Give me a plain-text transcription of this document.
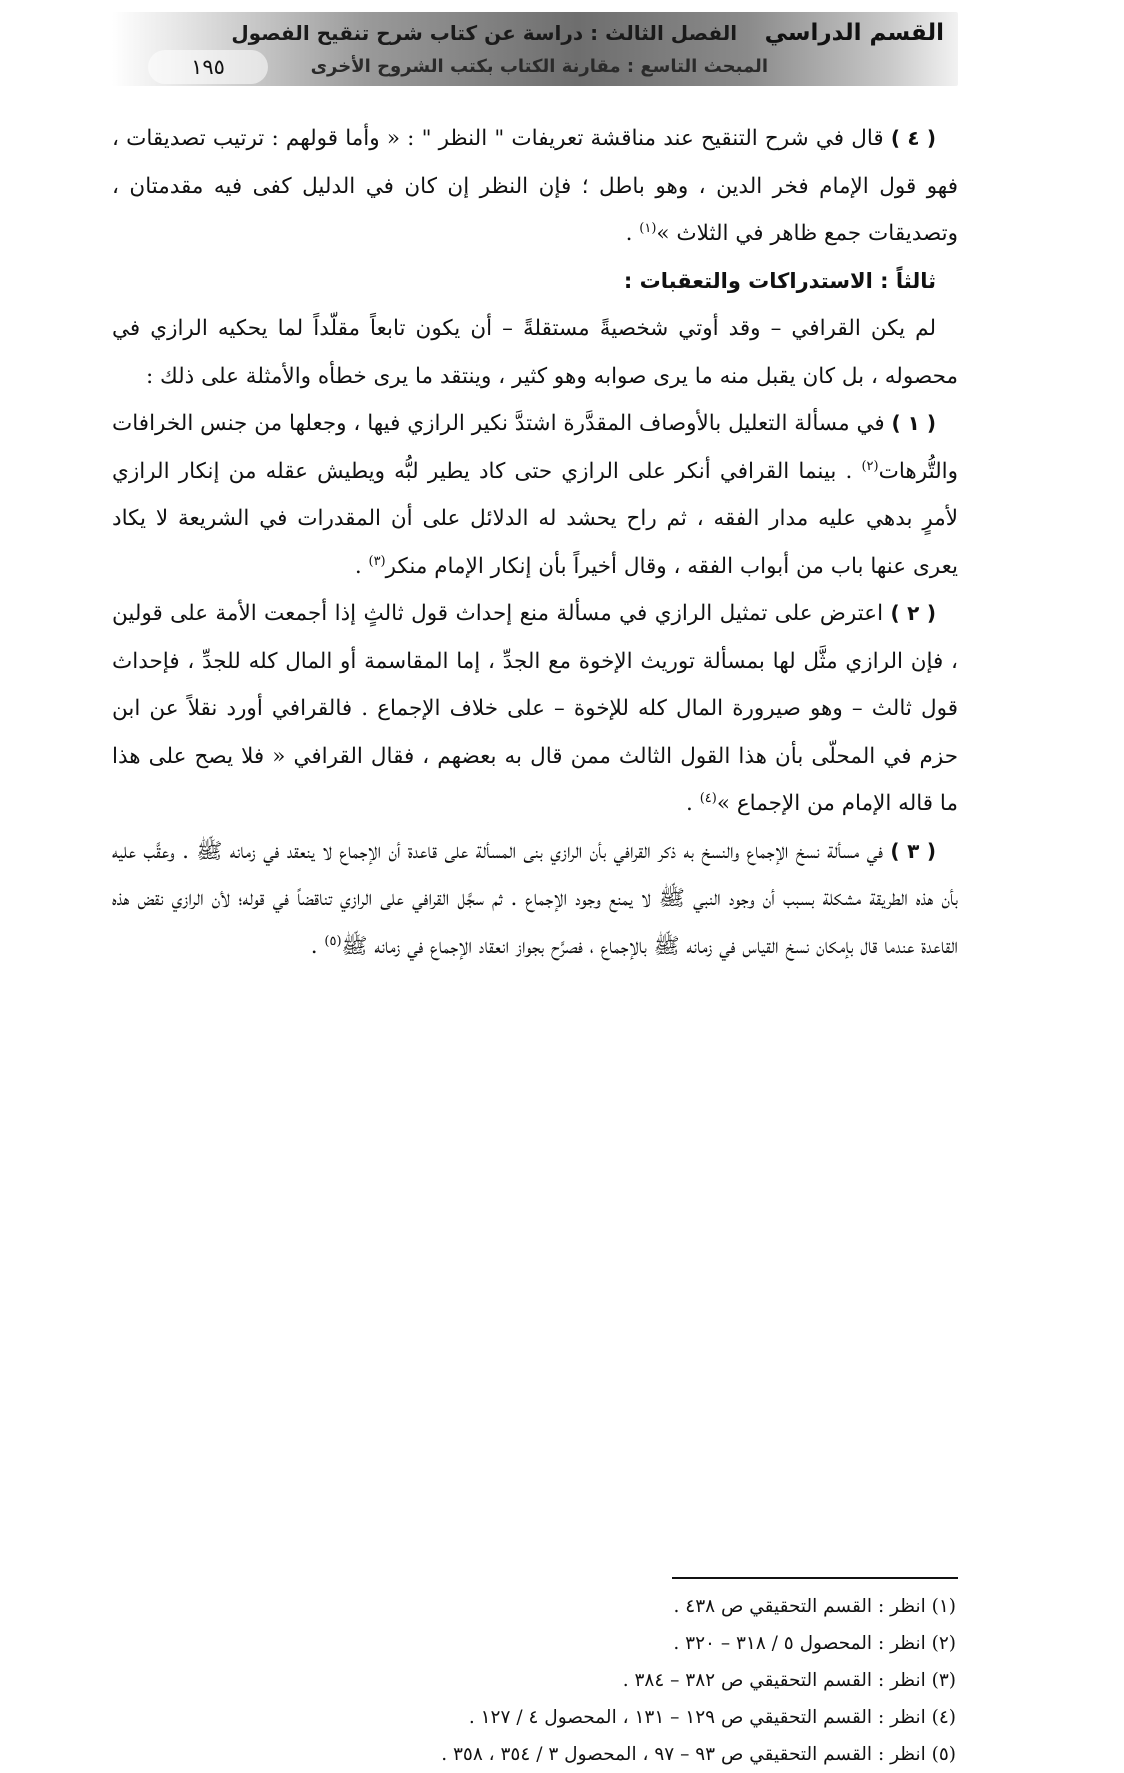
القسم الدراسي الفصل الثالث : دراسة عن كتاب شرح تنقيح الفصول
المبحث التاسع : مقارنة الكتاب بكتب الشروح الأخرى
١٩٥

( ٤ ) قال في شرح التنقيح عند مناقشة تعريفات " النظر " : « وأما قولهم : ترتيب تصديقات ، فهو قول الإمام فخر الدين ، وهو باطل ؛ فإن النظر إن كان في الدليل كفى فيه مقدمتان ، وتصديقات جمع ظاهر في الثلاث »$^{(١)}$ .

ثالثاً : الاستدراكات والتعقبات :

لم يكن القرافي – وقد أوتي شخصيةً مستقلةً – أن يكون تابعاً مقلّداً لما يحكيه الرازي في محصوله ، بل كان يقبل منه ما يرى صوابه وهو كثير ، وينتقد ما يرى خطأه والأمثلة على ذلك :

( ١ ) في مسألة التعليل بالأوصاف المقدَّرة اشتدَّ نكير الرازي فيها ، وجعلها من جنس الخرافات والتُّرهات$^{(٢)}$ . بينما القرافي أنكر على الرازي حتى كاد يطير لبُّه ويطيش عقله من إنكار الرازي لأمرٍ بدهي عليه مدار الفقه ، ثم راح يحشد له الدلائل على أن المقدرات في الشريعة لا يكاد يعرى عنها باب من أبواب الفقه ، وقال أخيراً بأن إنكار الإمام منكر$^{(٣)}$ .

( ٢ ) اعترض على تمثيل الرازي في مسألة منع إحداث قول ثالثٍ إذا أجمعت الأمة على قولين ، فإن الرازي مثَّل لها بمسألة توريث الإخوة مع الجدِّ ، إما المقاسمة أو المال كله للجدِّ ، فإحداث قول ثالث – وهو صيرورة المال كله للإخوة – على خلاف الإجماع . فالقرافي أورد نقلاً عن ابن حزم في المحلّى بأن هذا القول الثالث ممن قال به بعضهم ، فقال القرافي « فلا يصح على هذا ما قاله الإمام من الإجماع »$^{(٤)}$ .

( ٣ ) في مسألة نسخ الإجماع والنسخ به ذكر القرافي بأن الرازي بنى المسألة على قاعدة أن الإجماع لا ينعقد في زمانه ﷺ . وعقَّب عليه بأن هذه الطريقة مشكلة بسبب أن وجود النبي ﷺ لا يمنع وجود الإجماع . ثم سجَّل القرافي على الرازي تناقضاً في قوله؛ لأن الرازي نقض هذه القاعدة عندما قال بإمكان نسخ القياس في زمانه ﷺ بالإجماع ، فصرَّح بجواز انعقاد الإجماع في زمانه ﷺ$^{(٥)}$ .

(١) انظر : القسم التحقيقي ص ٤٣٨ .

(٢) انظر : المحصول ٥ / ٣١٨ – ٣٢٠ .

(٣) انظر : القسم التحقيقي ص ٣٨٢ – ٣٨٤ .

(٤) انظر : القسم التحقيقي ص ١٢٩ – ١٣١ ، المحصول ٤ / ١٢٧ .

(٥) انظر : القسم التحقيقي ص ٩٣ – ٩٧ ، المحصول ٣ / ٣٥٤ ، ٣٥٨ .
